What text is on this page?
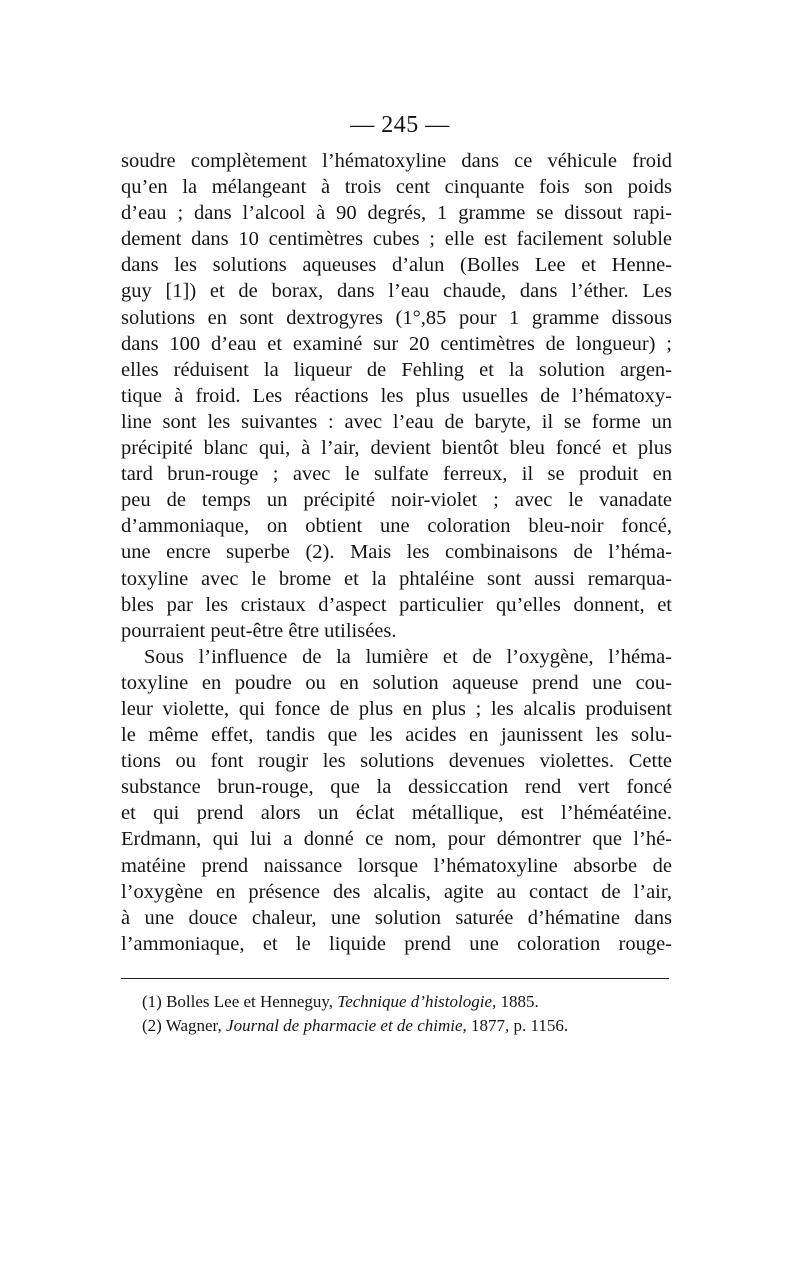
— 245 —
soudre complètement l’hématoxyline dans ce véhicule froid
qu’en la mélangeant à trois cent cinquante fois son poids
d’eau ; dans l’alcool à 90 degrés, 1 gramme se dissout rapi-
dement dans 10 centimètres cubes ; elle est facilement soluble
dans les solutions aqueuses d’alun (Bolles Lee et Henne-
guy [1]) et de borax, dans l’eau chaude, dans l’éther. Les
solutions en sont dextrogyres (1°,85 pour 1 gramme dissous
dans 100 d’eau et examiné sur 20 centimètres de longueur) ;
elles réduisent la liqueur de Fehling et la solution argen-
tique à froid. Les réactions les plus usuelles de l’hématoxy-
line sont les suivantes : avec l’eau de baryte, il se forme un
précipité blanc qui, à l’air, devient bientôt bleu foncé et plus
tard brun-rouge ; avec le sulfate ferreux, il se produit en
peu de temps un précipité noir-violet ; avec le vanadate
d’ammoniaque, on obtient une coloration bleu-noir foncé,
une encre superbe (2). Mais les combinaisons de l’héma-
toxyline avec le brome et la phtaléine sont aussi remarqua-
bles par les cristaux d’aspect particulier qu’elles donnent, et
pourraient peut-être être utilisées.
Sous l’influence de la lumière et de l’oxygène, l’héma-
toxyline en poudre ou en solution aqueuse prend une cou-
leur violette, qui fonce de plus en plus ; les alcalis produisent
le même effet, tandis que les acides en jaunissent les solu-
tions ou font rougir les solutions devenues violettes. Cette
substance brun-rouge, que la dessiccation rend vert foncé
et qui prend alors un éclat métallique, est l’héméatéine.
Erdmann, qui lui a donné ce nom, pour démontrer que l’hé-
matéine prend naissance lorsque l’hématoxyline absorbe de
l’oxygène en présence des alcalis, agite au contact de l’air,
à une douce chaleur, une solution saturée d’hématine dans
l’ammoniaque, et le liquide prend une coloration rouge-
(1) Bolles Lee et Henneguy, Technique d’histologie, 1885.
(2) Wagner, Journal de pharmacie et de chimie, 1877, p. 1156.
